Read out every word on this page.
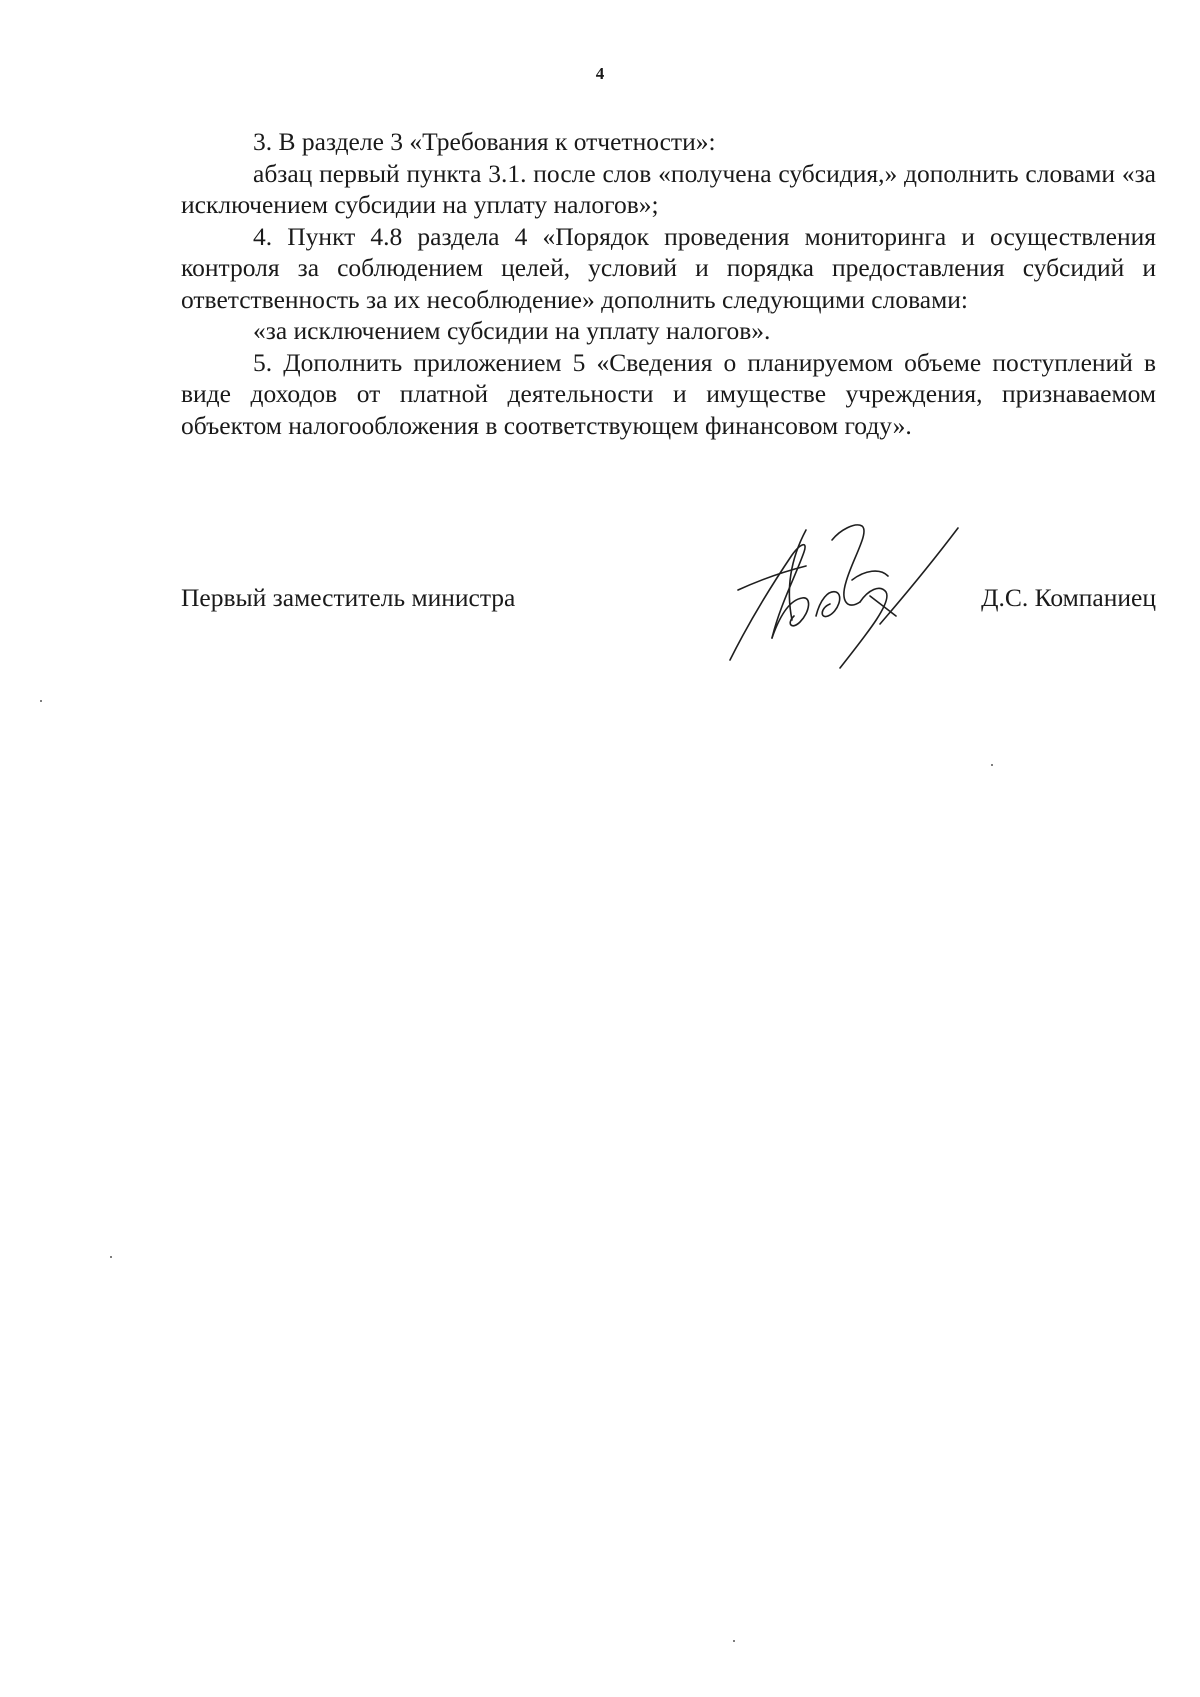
4

3. В разделе 3 «Требования к отчетности»:

абзац первый пункта 3.1. после слов «получена субсидия,» дополнить словами «за исключением субсидии на уплату налогов»;

4. Пункт 4.8 раздела 4 «Порядок проведения мониторинга и осуществления контроля за соблюдением целей, условий и порядка предоставления субсидий и ответственность за их несоблюдение» дополнить следующими словами:

«за исключением субсидии на уплату налогов».

5. Дополнить приложением 5 «Сведения о планируемом объеме поступлений в виде доходов от платной деятельности и имуществе учреждения, признаваемом объектом налогообложения в соответствующем финансовом году».

Первый заместитель министра	Д.С. Компаниец
